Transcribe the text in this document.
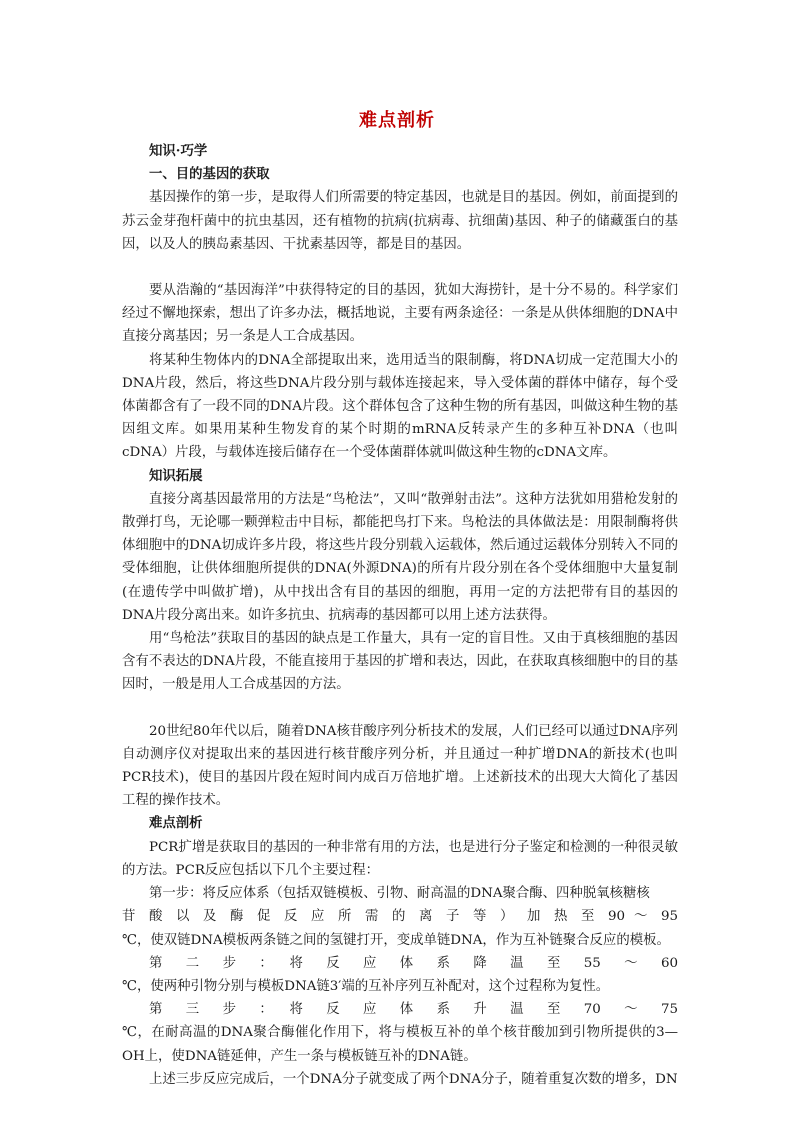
难点剖析

知识·巧学

一、目的基因的获取

基因操作的第一步，是取得人们所需要的特定基因，也就是目的基因。例如，前面提到的苏云金芽孢杆菌中的抗虫基因，还有植物的抗病(抗病毒、抗细菌)基因、种子的储藏蛋白的基因，以及人的胰岛素基因、干扰素基因等，都是目的基因。

要从浩瀚的“基因海洋”中获得特定的目的基因，犹如大海捞针，是十分不易的。科学家们经过不懈地探索，想出了许多办法，概括地说，主要有两条途径：一条是从供体细胞的DNA中直接分离基因；另一条是人工合成基因。

将某种生物体内的DNA全部提取出来，选用适当的限制酶，将DNA切成一定范围大小的DNA片段，然后，将这些DNA片段分别与载体连接起来，导入受体菌的群体中储存，每个受体菌都含有了一段不同的DNA片段。这个群体包含了这种生物的所有基因，叫做这种生物的基因组文库。如果用某种生物发育的某个时期的mRNA反转录产生的多种互补DNA（也叫cDNA）片段，与载体连接后储存在一个受体菌群体就叫做这种生物的cDNA文库。

知识拓展

直接分离基因最常用的方法是“鸟枪法”，又叫“散弹射击法”。这种方法犹如用猎枪发射的散弹打鸟，无论哪一颗弹粒击中目标，都能把鸟打下来。鸟枪法的具体做法是：用限制酶将供体细胞中的DNA切成许多片段，将这些片段分别载入运载体，然后通过运载体分别转入不同的受体细胞，让供体细胞所提供的DNA(外源DNA)的所有片段分别在各个受体细胞中大量复制(在遗传学中叫做扩增)，从中找出含有目的基因的细胞，再用一定的方法把带有目的基因的DNA片段分离出来。如许多抗虫、抗病毒的基因都可以用上述方法获得。

用“鸟枪法”获取目的基因的缺点是工作量大，具有一定的盲目性。又由于真核细胞的基因含有不表达的DNA片段，不能直接用于基因的扩增和表达，因此，在获取真核细胞中的目的基因时，一般是用人工合成基因的方法。

20世纪80年代以后，随着DNA核苷酸序列分析技术的发展，人们已经可以通过DNA序列自动测序仪对提取出来的基因进行核苷酸序列分析，并且通过一种扩增DNA的新技术(也叫PCR技术)，使目的基因片段在短时间内成百万倍地扩增。上述新技术的出现大大简化了基因工程的操作技术。

难点剖析

PCR扩增是获取目的基因的一种非常有用的方法，也是进行分子鉴定和检测的一种很灵敏的方法。PCR反应包括以下几个主要过程：

第一步：将反应体系（包括双链模板、引物、耐高温的DNA聚合酶、四种脱氧核糖核

苷 酸 以 及 酶 促 反 应 所 需 的 离 子 等 ） 加 热 至 90 ～ 95

℃，使双链DNA模板两条链之间的氢键打开，变成单链DNA，作为互补链聚合反应的模板。

第　二　步　：　将　反　应　体　系　降　温　至　55　～　60

℃，使两种引物分别与模板DNA链3′端的互补序列互补配对，这个过程称为复性。

第　三　步　：　将　反　应　体　系　升　温　至　70　～　75

℃，在耐高温的DNA聚合酶催化作用下，将与模板互补的单个核苷酸加到引物所提供的3—OH上，使DNA链延伸，产生一条与模板链互补的DNA链。

上述三步反应完成后，一个DNA分子就变成了两个DNA分子，随着重复次数的增多，DN
